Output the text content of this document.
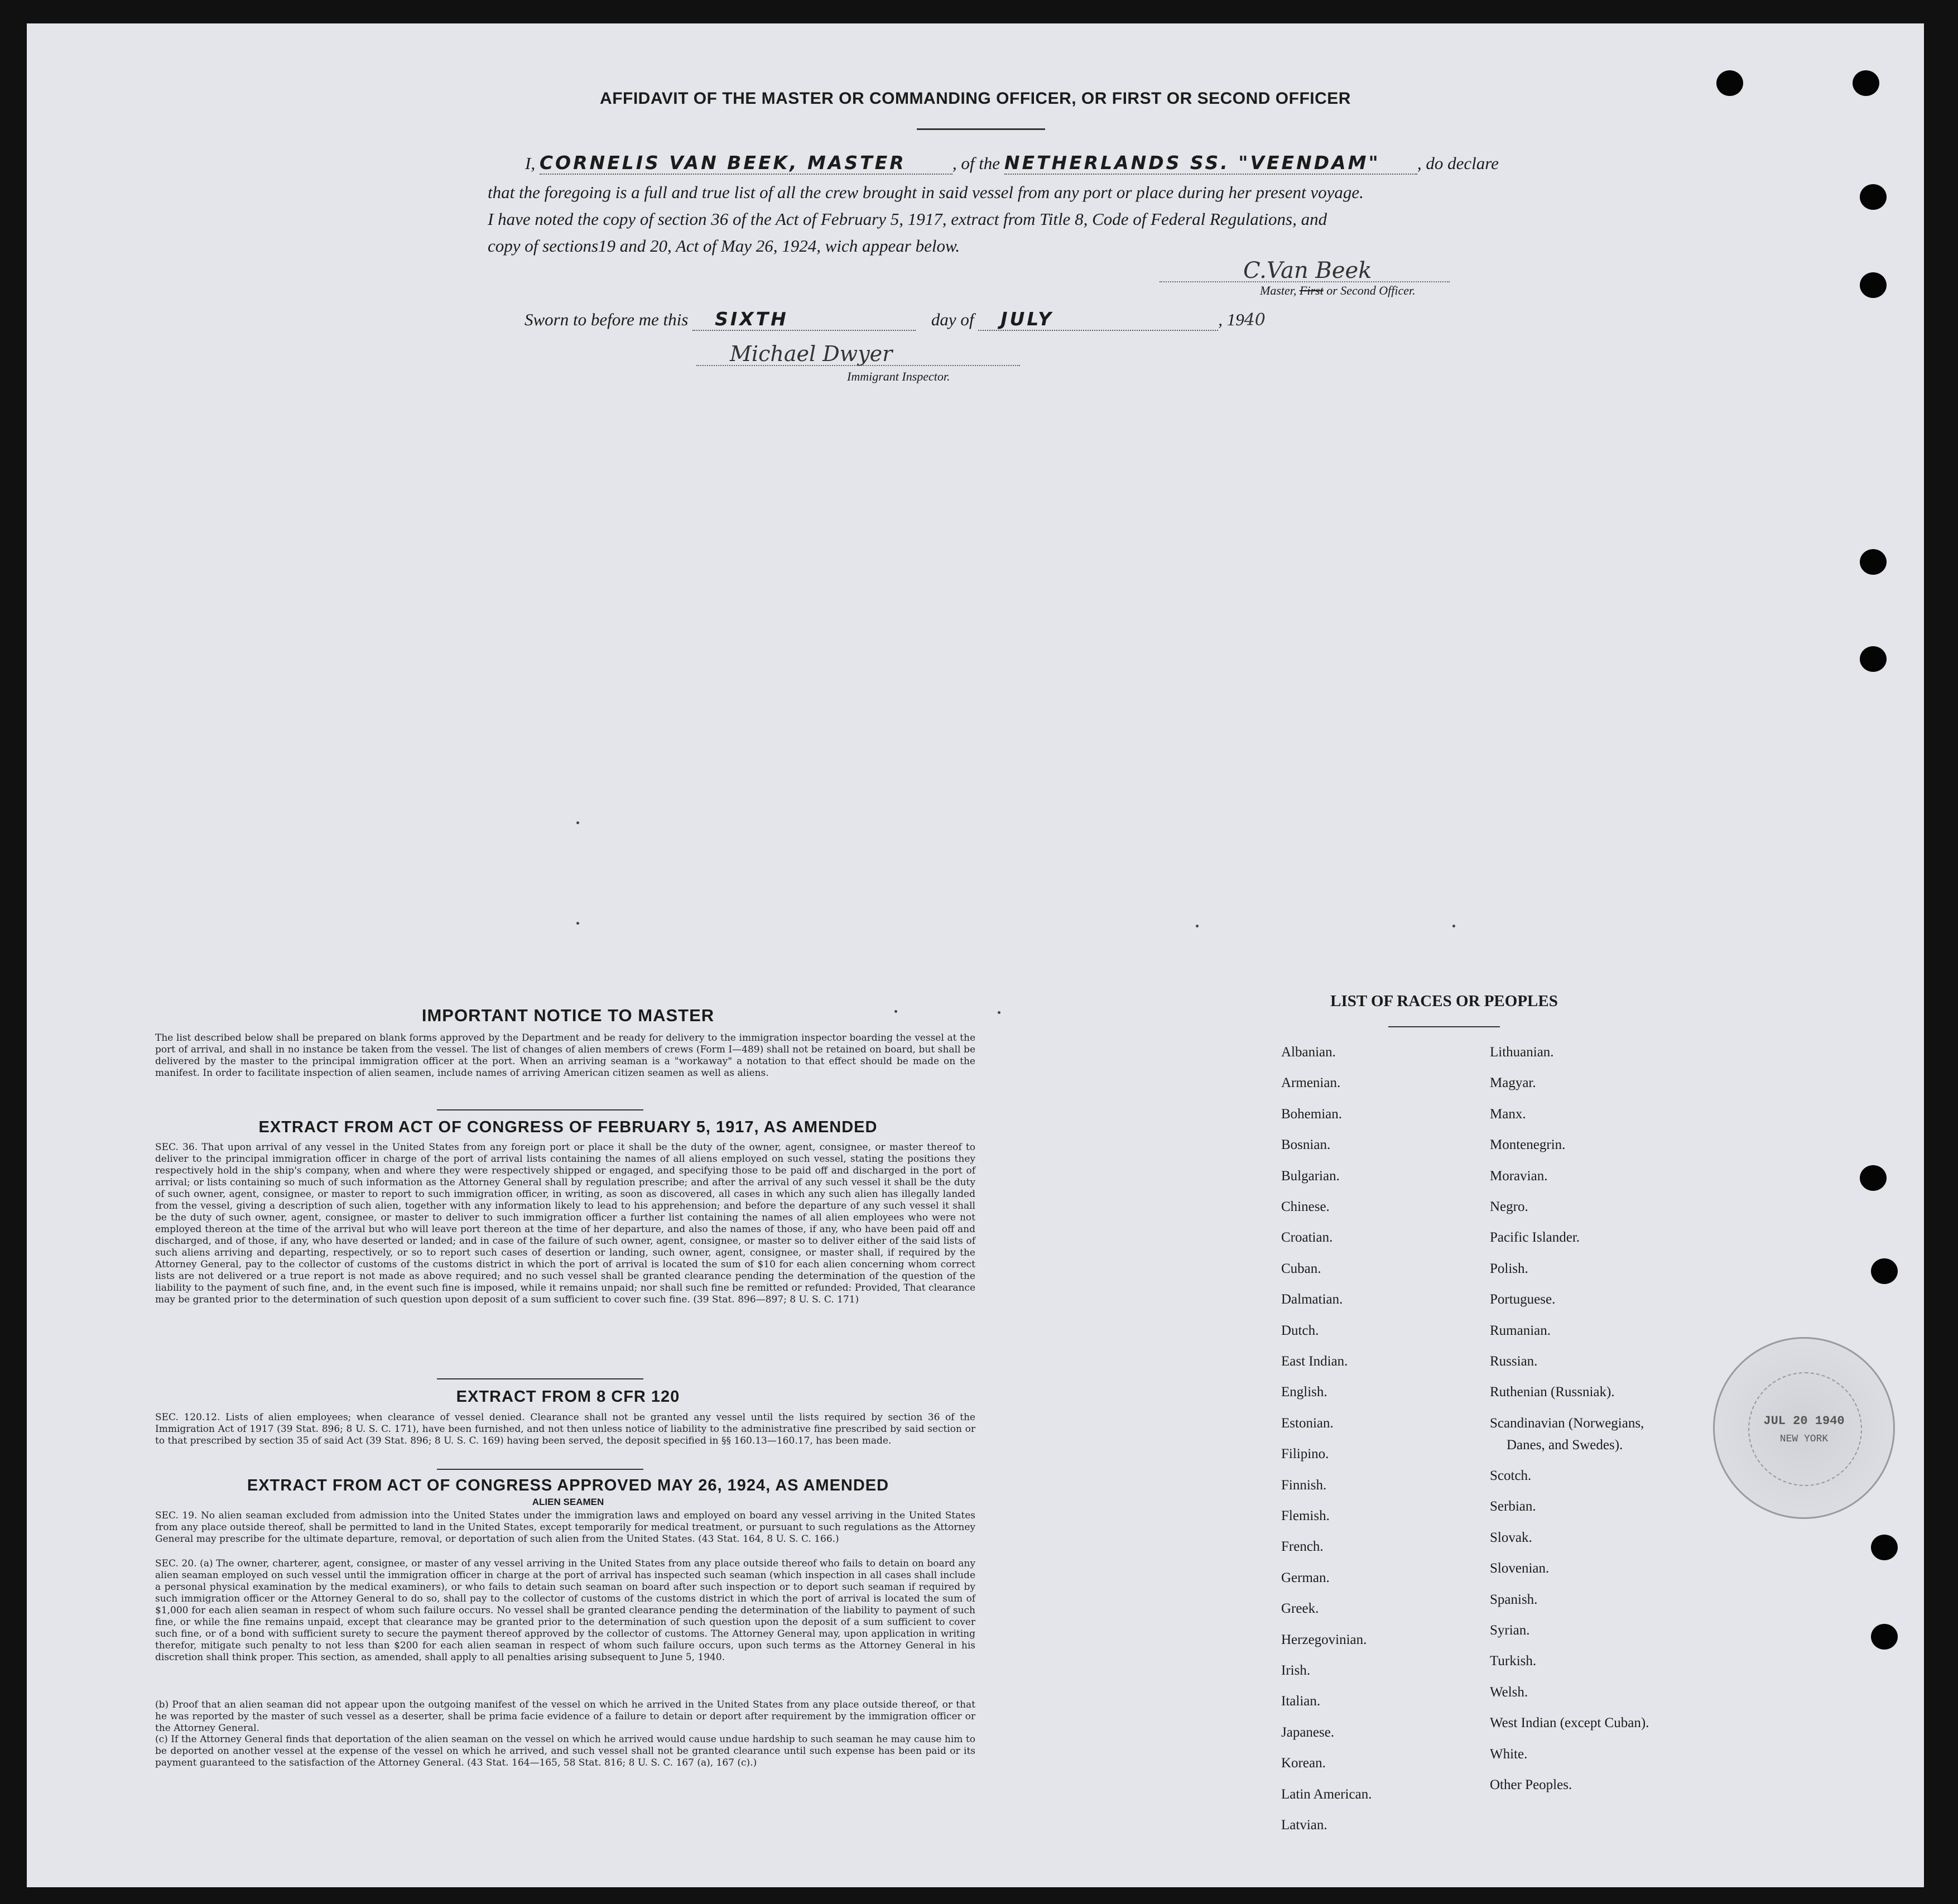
AFFIDAVIT OF THE MASTER OR COMMANDING OFFICER, OR FIRST OR SECOND OFFICER
I, CORNELIS VAN BEEK, MASTER	, of the NETHERLANDS SS. "VEENDAM" , do declare
that the foregoing is a full and true list of all the crew brought in said vessel from any port or place during her present voyage.
I have noted the copy of section 36 of the Act of February 5, 1917, extract from Title 8, Code of Federal Regulations, and
copy of sections19 and 20, Act of May 26, 1924, wich appear below.
C.Van Beek
Master, First or Second Officer.
Sworn to before me this SIXTH	day of JULY	, 1940
Michael Dwyer
Immigrant Inspector.
IMPORTANT NOTICE TO MASTER
The list described below shall be prepared on blank forms approved by the Department and be ready for delivery to the immigration inspector boarding the vessel at the port of arrival, and shall in no instance be taken from the vessel. The list of changes of alien members of crews (Form I—489) shall not be retained on board, but shall be delivered by the master to the principal immigration officer at the port. When an arriving seaman is a "workaway" a notation to that effect should be made on the manifest. In order to facilitate inspection of alien seamen, include names of arriving American citizen seamen as well as aliens.
EXTRACT FROM ACT OF CONGRESS OF FEBRUARY 5, 1917, AS AMENDED
SEC. 36. That upon arrival of any vessel in the United States from any foreign port or place it shall be the duty of the owner, agent, consignee, or master thereof to deliver to the principal immigration officer in charge of the port of arrival lists containing the names of all aliens employed on such vessel, stating the positions they respectively hold in the ship's company, when and where they were respectively shipped or engaged, and specifying those to be paid off and discharged in the port of arrival; or lists containing so much of such information as the Attorney General shall by regulation prescribe; and after the arrival of any such vessel it shall be the duty of such owner, agent, consignee, or master to report to such immigration officer, in writing, as soon as discovered, all cases in which any such alien has illegally landed from the vessel, giving a description of such alien, together with any information likely to lead to his apprehension; and before the departure of any such vessel it shall be the duty of such owner, agent, consignee, or master to deliver to such immigration officer a further list containing the names of all alien employees who were not employed thereon at the time of the arrival but who will leave port thereon at the time of her departure, and also the names of those, if any, who have been paid off and discharged, and of those, if any, who have deserted or landed; and in case of the failure of such owner, agent, consignee, or master so to deliver either of the said lists of such aliens arriving and departing, respectively, or so to report such cases of desertion or landing, such owner, agent, consignee, or master shall, if required by the Attorney General, pay to the collector of customs of the customs district in which the port of arrival is located the sum of $10 for each alien concerning whom correct lists are not delivered or a true report is not made as above required; and no such vessel shall be granted clearance pending the determination of the question of the liability to the payment of such fine, and, in the event such fine is imposed, while it remains unpaid; nor shall such fine be remitted or refunded: Provided, That clearance may be granted prior to the determination of such question upon deposit of a sum sufficient to cover such fine. (39 Stat. 896—897; 8 U. S. C. 171)
EXTRACT FROM 8 CFR 120
SEC. 120.12. Lists of alien employees; when clearance of vessel denied. Clearance shall not be granted any vessel until the lists required by section 36 of the Immigration Act of 1917 (39 Stat. 896; 8 U. S. C. 171), have been furnished, and not then unless notice of liability to the administrative fine prescribed by said section or to that prescribed by section 35 of said Act (39 Stat. 896; 8 U. S. C. 169) having been served, the deposit specified in §§ 160.13—160.17, has been made.
EXTRACT FROM ACT OF CONGRESS APPROVED MAY 26, 1924, AS AMENDED
ALIEN SEAMEN
SEC. 19. No alien seaman excluded from admission into the United States under the immigration laws and employed on board any vessel arriving in the United States from any place outside thereof, shall be permitted to land in the United States, except temporarily for medical treatment, or pursuant to such regulations as the Attorney General may prescribe for the ultimate departure, removal, or deportation of such alien from the United States. (43 Stat. 164, 8 U. S. C. 166.)
SEC. 20. (a) The owner, charterer, agent, consignee, or master of any vessel arriving in the United States from any place outside thereof who fails to detain on board any alien seaman employed on such vessel until the immigration officer in charge at the port of arrival has inspected such seaman (which inspection in all cases shall include a personal physical examination by the medical examiners), or who fails to detain such seaman on board after such inspection or to deport such seaman if required by such immigration officer or the Attorney General to do so, shall pay to the collector of customs of the customs district in which the port of arrival is located the sum of $1,000 for each alien seaman in respect of whom such failure occurs. No vessel shall be granted clearance pending the determination of the liability to payment of such fine, or while the fine remains unpaid, except that clearance may be granted prior to the determination of such question upon the deposit of a sum sufficient to cover such fine, or of a bond with sufficient surety to secure the payment thereof approved by the collector of customs. The Attorney General may, upon application in writing therefor, mitigate such penalty to not less than $200 for each alien seaman in respect of whom such failure occurs, upon such terms as the Attorney General in his discretion shall think proper. This section, as amended, shall apply to all penalties arising subsequent to June 5, 1940.
(b) Proof that an alien seaman did not appear upon the outgoing manifest of the vessel on which he arrived in the United States from any place outside thereof, or that he was reported by the master of such vessel as a deserter, shall be prima facie evidence of a failure to detain or deport after requirement by the immigration officer or the Attorney General.
(c) If the Attorney General finds that deportation of the alien seaman on the vessel on which he arrived would cause undue hardship to such seaman he may cause him to be deported on another vessel at the expense of the vessel on which he arrived, and such vessel shall not be granted clearance until such expense has been paid or its payment guaranteed to the satisfaction of the Attorney General. (43 Stat. 164—165, 58 Stat. 816; 8 U. S. C. 167 (a), 167 (c).)
LIST OF RACES OR PEOPLES
Albanian.
Armenian.
Bohemian.
Bosnian.
Bulgarian.
Chinese.
Croatian.
Cuban.
Dalmatian.
Dutch.
East Indian.
English.
Estonian.
Filipino.
Finnish.
Flemish.
French.
German.
Greek.
Herzegovinian.
Irish.
Italian.
Japanese.
Korean.
Latin American.
Latvian.
Lithuanian.
Magyar.
Manx.
Montenegrin.
Moravian.
Negro.
Pacific Islander.
Polish.
Portuguese.
Rumanian.
Russian.
Ruthenian (Russniak).
Scandinavian (Norwegians,
Danes, and Swedes).
Scotch.
Serbian.
Slovak.
Slovenian.
Spanish.
Syrian.
Turkish.
Welsh.
West Indian (except Cuban).
White.
Other Peoples.
JUL 20 1940
NEW YORK
